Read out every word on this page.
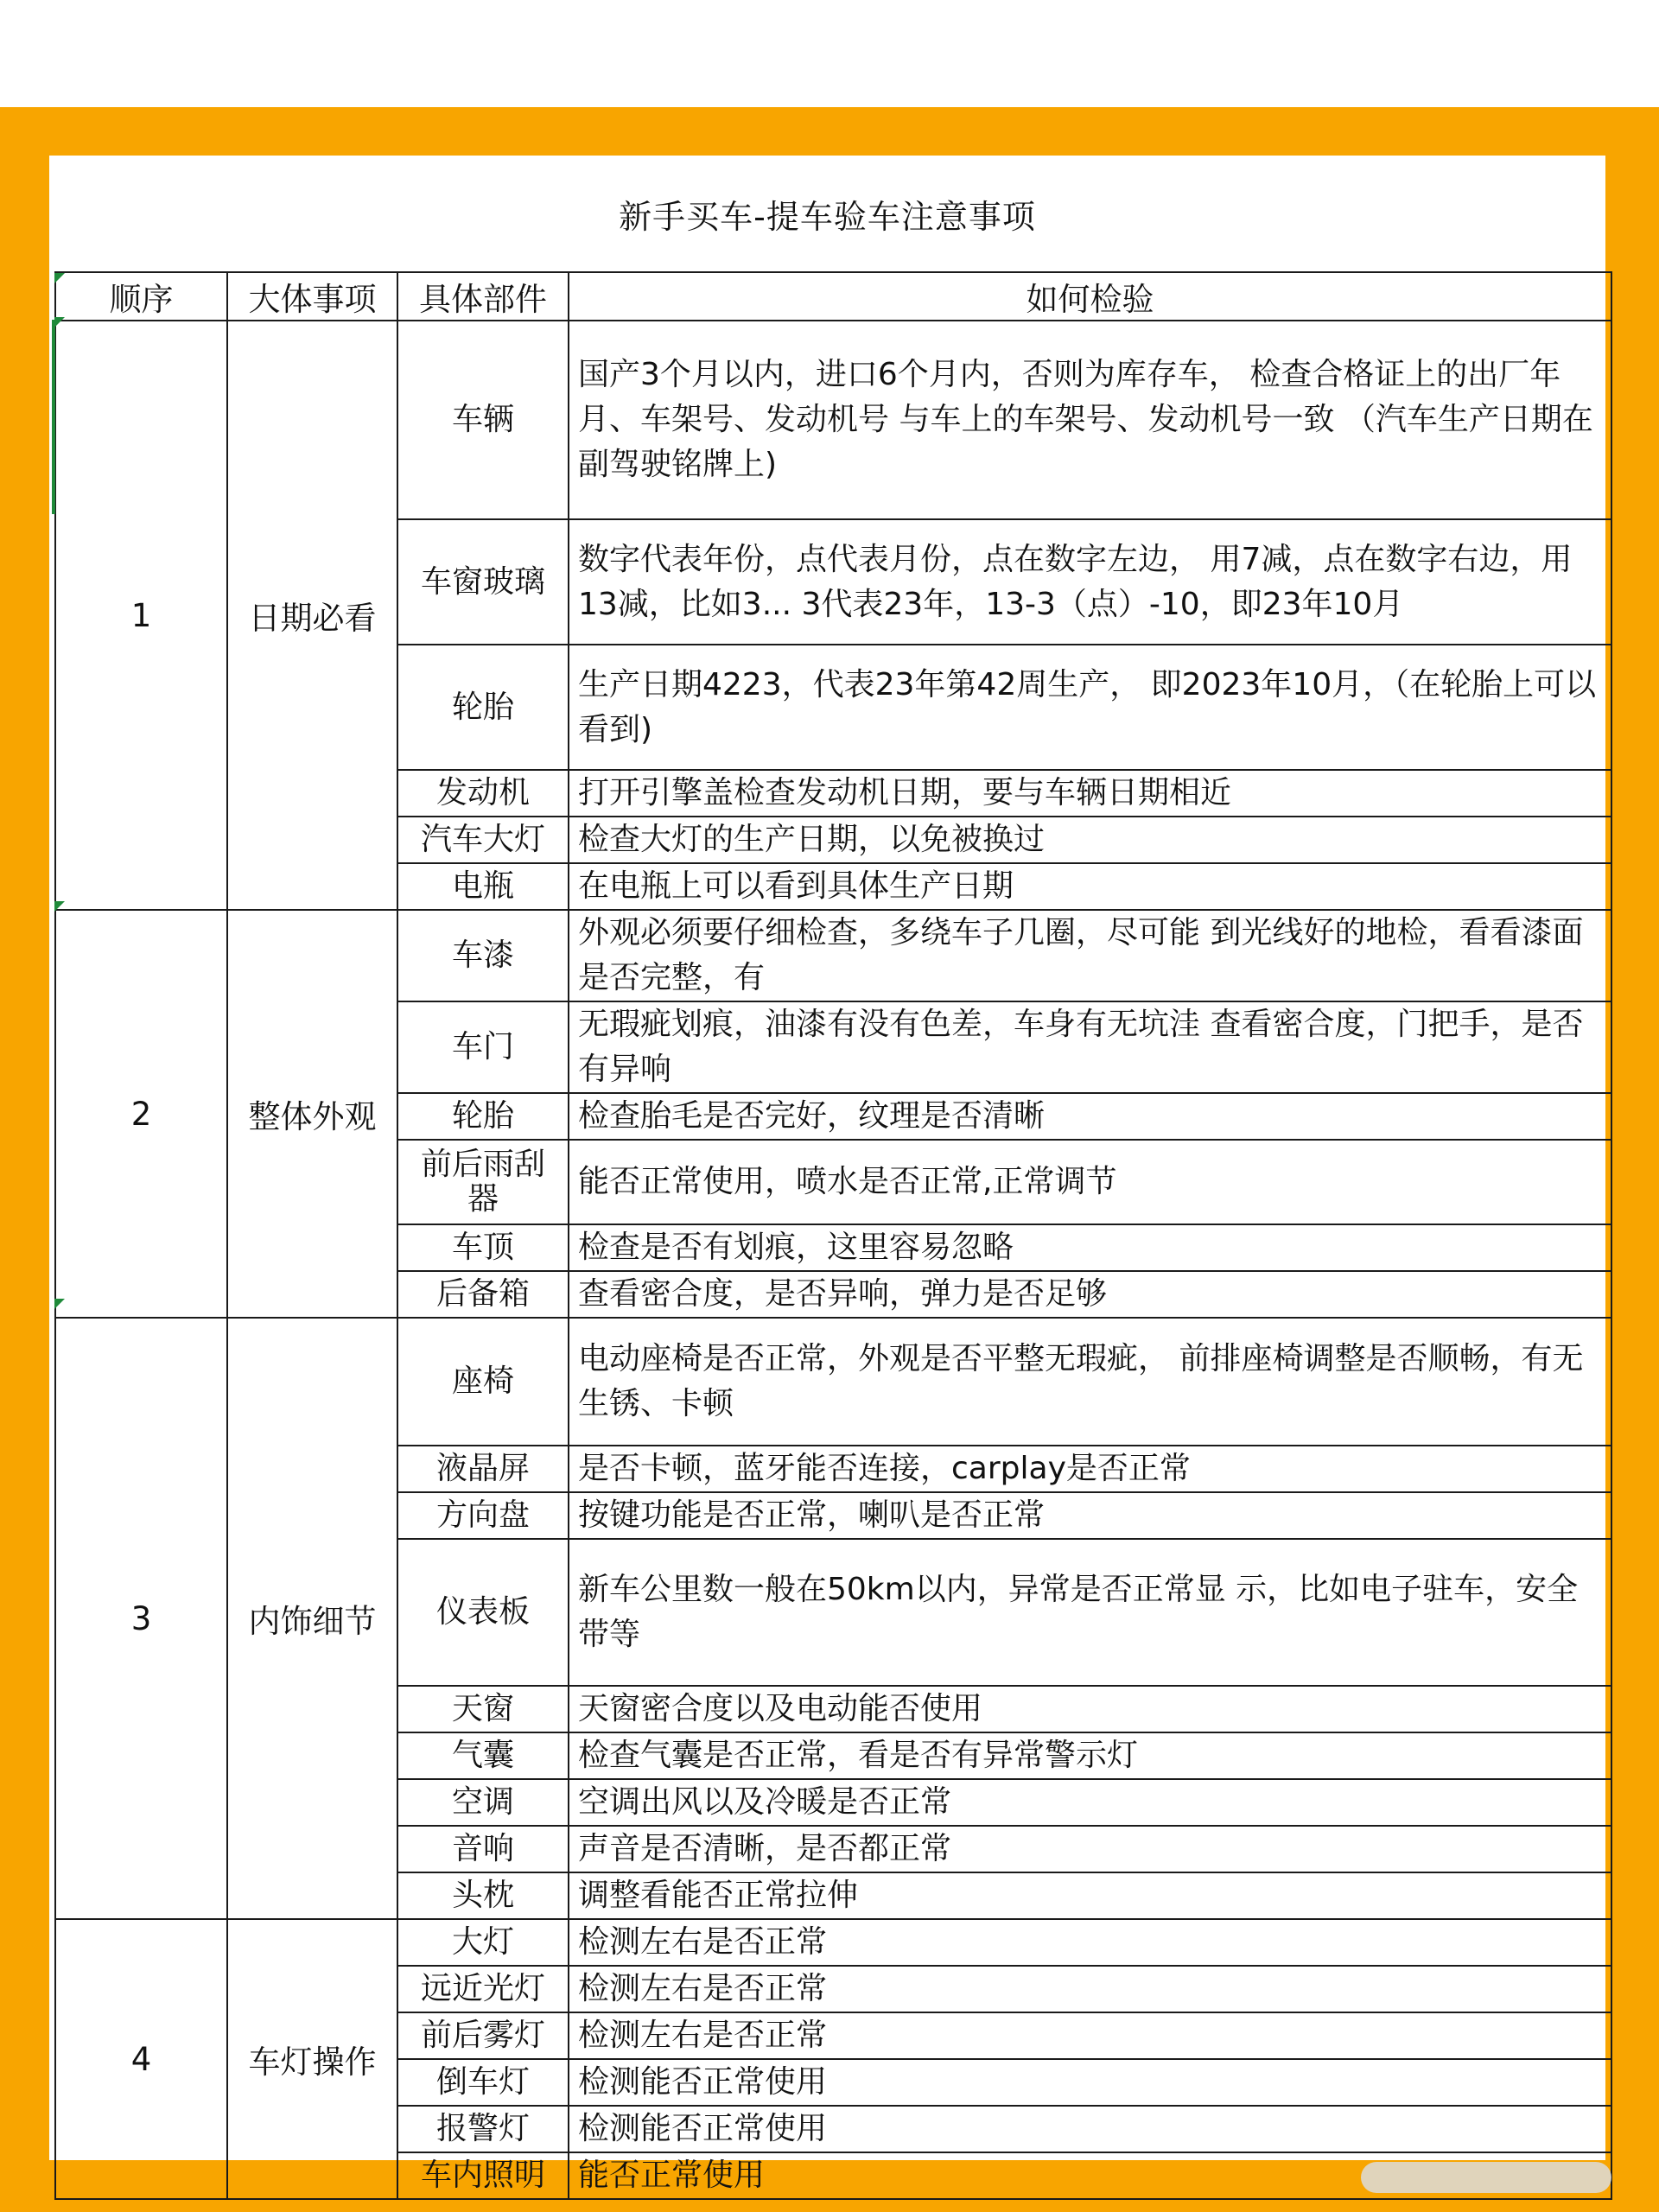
新手买车-提车验车注意事项
顺序	大体事项	具体部件	如何检验
1	日期必看	车辆	国产3个月以内，进口6个月内，否则为库存车， 检查合格证上的出厂年月、车架号、发动机号 与车上的车架号、发动机号一致 （汽车生产日期在副驾驶铭牌上)
		车窗玻璃	数字代表年份，点代表月份，点在数字左边， 用7减，点在数字右边，用13减，比如3... 3代表23年，13-3（点）-10，即23年10月
		轮胎	生产日期4223，代表23年第42周生产， 即2023年10月，（在轮胎上可以看到)
		发动机	打开引擎盖检查发动机日期，要与车辆日期相近
		汽车大灯	检查大灯的生产日期，以免被换过
		电瓶	在电瓶上可以看到具体生产日期
2	整体外观	车漆	外观必须要仔细检查，多绕车子几圈，尽可能 到光线好的地检，看看漆面是否完整，有
		车门	无瑕疵划痕，油漆有没有色差，车身有无坑洼 查看密合度，门把手，是否有异响
		轮胎	检查胎毛是否完好，纹理是否清晰
		前后雨刮器	能否正常使用，喷水是否正常,正常调节
		车顶	检查是否有划痕，这里容易忽略
		后备箱	查看密合度，是否异响，弹力是否足够
3	内饰细节	座椅	电动座椅是否正常，外观是否平整无瑕疵， 前排座椅调整是否顺畅，有无生锈、卡顿
		液晶屏	是否卡顿，蓝牙能否连接，carplay是否正常
		方向盘	按键功能是否正常，喇叭是否正常
		仪表板	新车公里数一般在50km以内，异常是否正常显 示，比如电子驻车，安全带等
		天窗	天窗密合度以及电动能否使用
		气囊	检查气囊是否正常，看是否有异常警示灯
		空调	空调出风以及冷暖是否正常
		音响	声音是否清晰，是否都正常
		头枕	调整看能否正常拉伸
4	车灯操作	大灯	检测左右是否正常
		远近光灯	检测左右是否正常
		前后雾灯	检测左右是否正常
		倒车灯	检测能否正常使用
		报警灯	检测能否正常使用
		车内照明	能否正常使用
